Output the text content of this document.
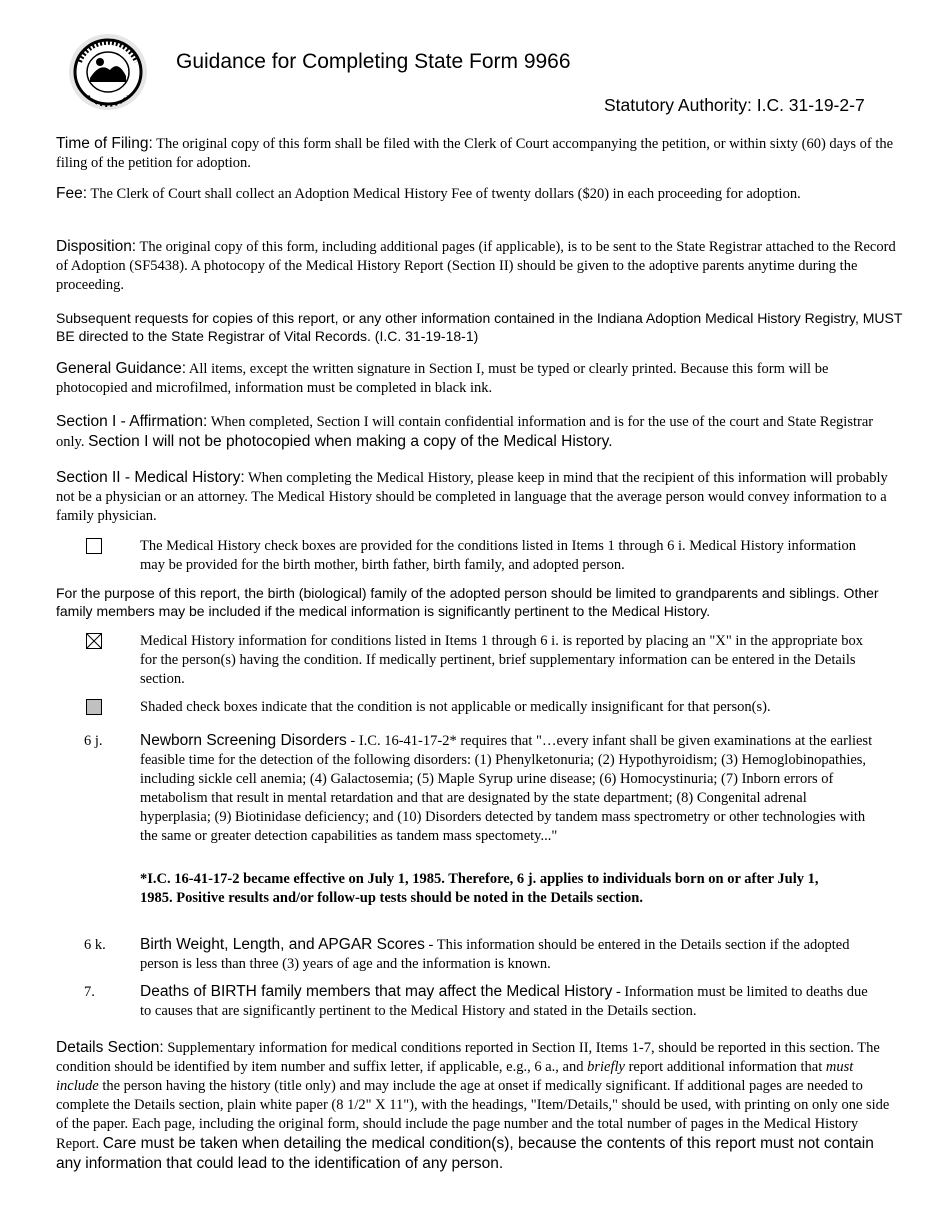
Guidance for Completing State Form 9966
Statutory Authority: I.C. 31-19-2-7
Time of Filing: The original copy of this form shall be filed with the Clerk of Court accompanying the petition, or within sixty (60) days of the filing of the petition for adoption.
Fee: The Clerk of Court shall collect an Adoption Medical History Fee of twenty dollars ($20) in each proceeding for adoption.
Disposition: The original copy of this form, including additional pages (if applicable), is to be sent to the State Registrar attached to the Record of Adoption (SF5438). A photocopy of the Medical History Report (Section II) should be given to the adoptive parents anytime during the proceeding.
Subsequent requests for copies of this report, or any other information contained in the Indiana Adoption Medical History Registry, MUST BE directed to the State Registrar of Vital Records. (I.C. 31-19-18-1)
General Guidance: All items, except the written signature in Section I, must be typed or clearly printed. Because this form will be photocopied and microfilmed, information must be completed in black ink.
Section I - Affirmation: When completed, Section I will contain confidential information and is for the use of the court and State Registrar only. Section I will not be photocopied when making a copy of the Medical History.
Section II - Medical History: When completing the Medical History, please keep in mind that the recipient of this information will probably not be a physician or an attorney. The Medical History should be completed in language that the average person would convey information to a family physician.
The Medical History check boxes are provided for the conditions listed in Items 1 through 6 i. Medical History information may be provided for the birth mother, birth father, birth family, and adopted person.
For the purpose of this report, the birth (biological) family of the adopted person should be limited to grandparents and siblings. Other family members may be included if the medical information is significantly pertinent to the Medical History.
Medical History information for conditions listed in Items 1 through 6 i. is reported by placing an "X" in the appropriate box for the person(s) having the condition. If medically pertinent, brief supplementary information can be entered in the Details section.
Shaded check boxes indicate that the condition is not applicable or medically insignificant for that person(s).
6 j. Newborn Screening Disorders - I.C. 16-41-17-2* requires that "…every infant shall be given examinations at the earliest feasible time for the detection of the following disorders: (1) Phenylketonuria; (2) Hypothyroidism; (3) Hemoglobinopathies, including sickle cell anemia; (4) Galactosemia; (5) Maple Syrup urine disease; (6) Homocystinuria; (7) Inborn errors of metabolism that result in mental retardation and that are designated by the state department; (8) Congenital adrenal hyperplasia; (9) Biotinidase deficiency; and (10) Disorders detected by tandem mass spectrometry or other technologies with the same or greater detection capabilities as tandem mass spectomety..."
*I.C. 16-41-17-2 became effective on July 1, 1985. Therefore, 6 j. applies to individuals born on or after July 1, 1985. Positive results and/or follow-up tests should be noted in the Details section.
6 k. Birth Weight, Length, and APGAR Scores - This information should be entered in the Details section if the adopted person is less than three (3) years of age and the information is known.
7.	Deaths of BIRTH family members that may affect the Medical History - Information must be limited to deaths due to causes that are significantly pertinent to the Medical History and stated in the Details section.
Details Section: Supplementary information for medical conditions reported in Section II, Items 1-7, should be reported in this section. The condition should be identified by item number and suffix letter, if applicable, e.g., 6 a., and briefly report additional information that must include the person having the history (title only) and may include the age at onset if medically significant. If additional pages are needed to complete the Details section, plain white paper (8 1/2" X 11"), with the headings, "Item/Details," should be used, with printing on only one side of the paper. Each page, including the original form, should include the page number and the total number of pages in the Medical History Report. Care must be taken when detailing the medical condition(s), because the contents of this report must not contain any information that could lead to the identification of any person.
